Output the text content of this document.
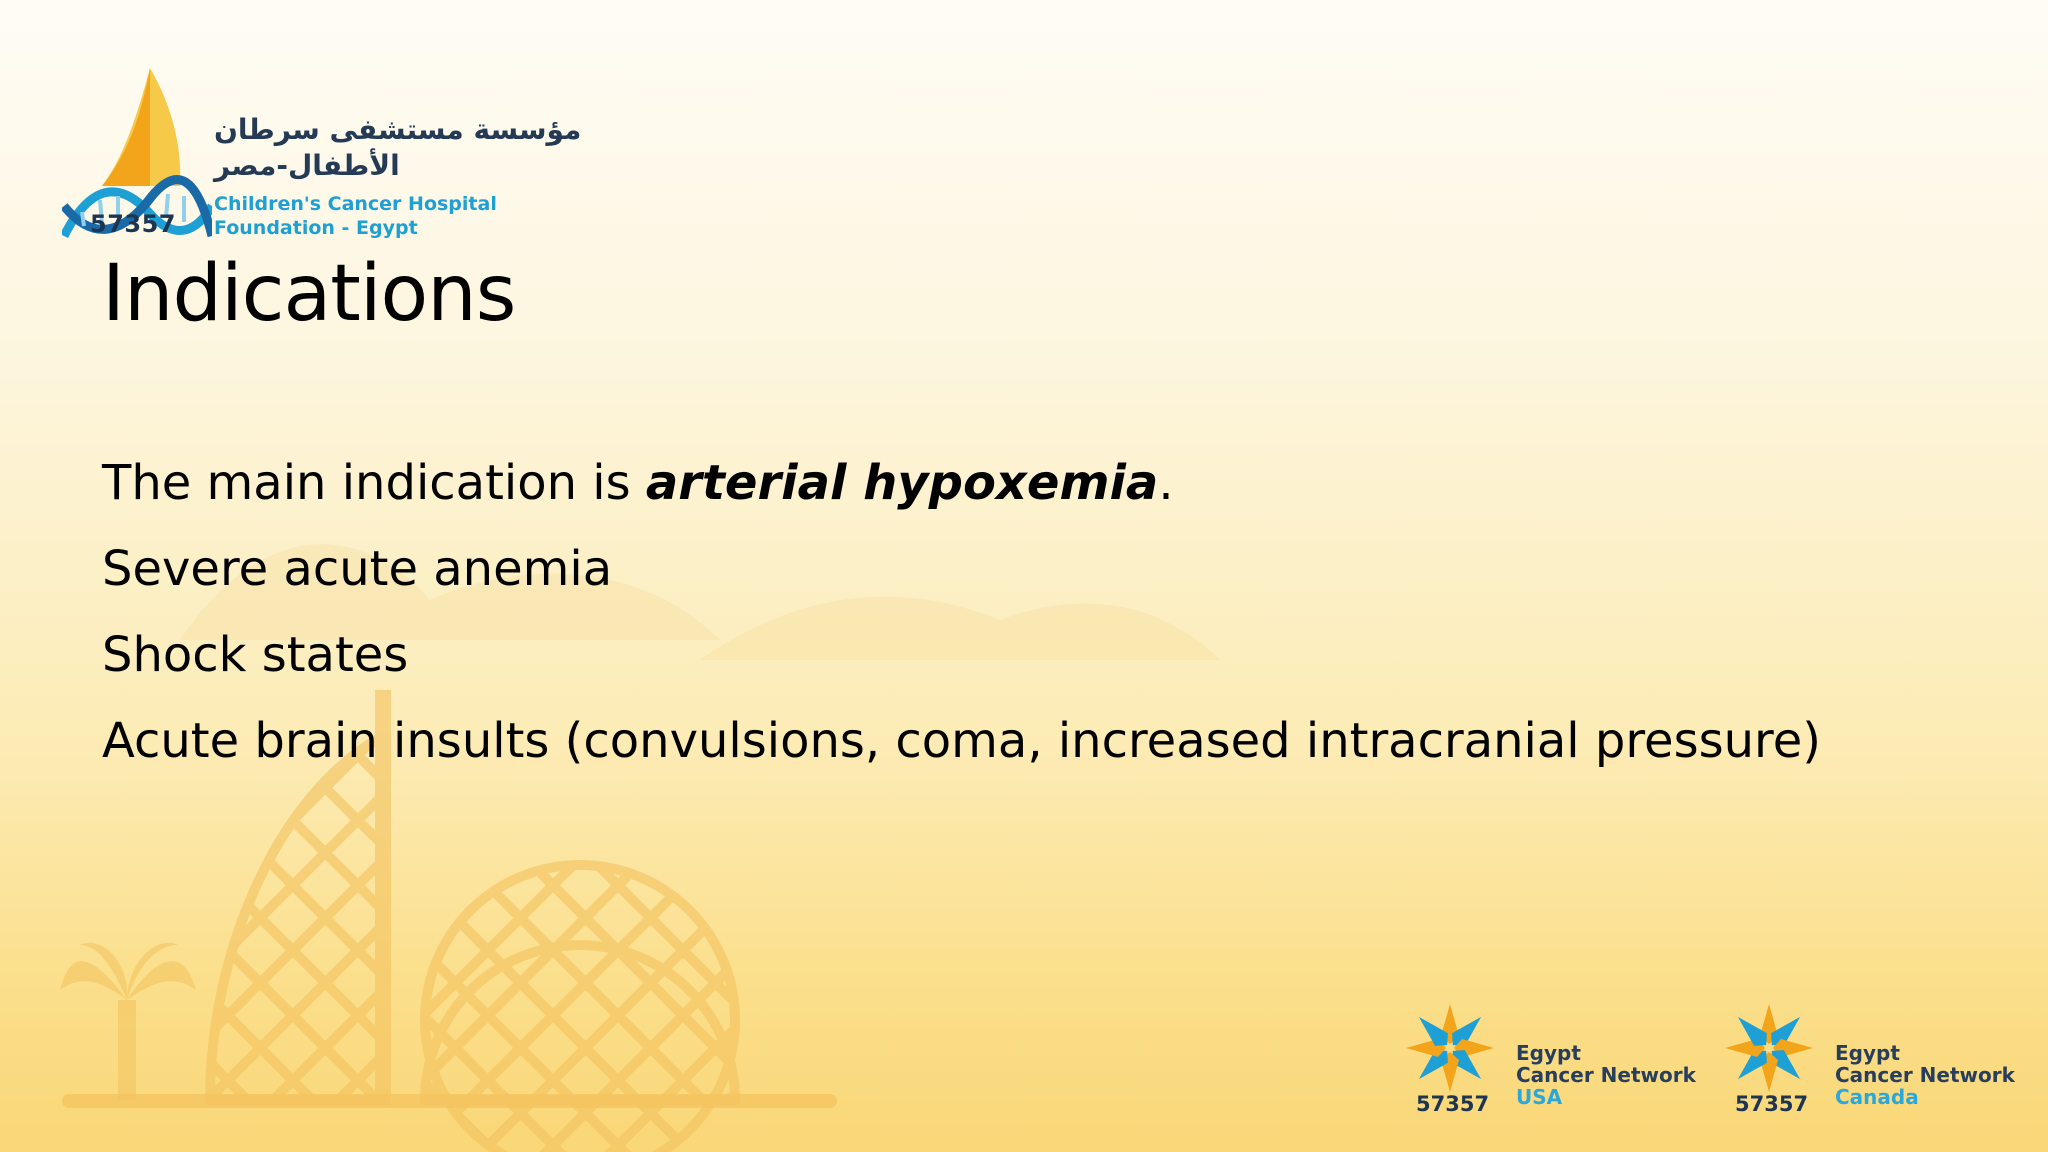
57357
مؤسسة مستشفى سرطان
الأطفال-مصر
Children's Cancer Hospital
Foundation - Egypt
Indications
The main indication is arterial hypoxemia.
Severe acute anemia
Shock states
Acute brain insults (convulsions, coma, increased intracranial pressure)
57357
Egypt
Cancer Network
USA	57357
Egypt
Cancer Network
Canada
